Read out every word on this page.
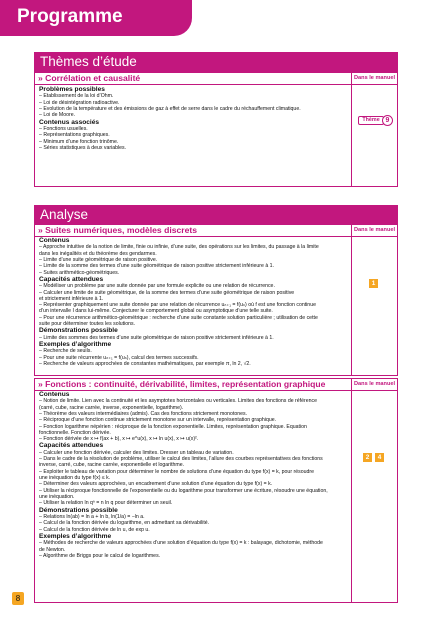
Programme
Thèmes d’étude
» Corrélation et causalité	Dans le manuel
Problèmes possibles
– Établissement de la loi d’Ohm.
– Loi de désintégration radioactive.
– Évolution de la température et des émissions de gaz à effet de serre dans le cadre du réchauffement climatique.
– Loi de Moore.
Contenus associés
– Fonctions usuelles.
– Représentations graphiques.
– Minimum d’une fonction trinôme.
– Séries statistiques à deux variables.
Thème 9
Analyse
» Suites numériques, modèles discrets	Dans le manuel
Contenus
– Approche intuitive de la notion de limite, finie ou infinie, d’une suite, des opérations sur les limites, du passage à la limite
dans les inégalités et du théorème des gendarmes.
– Limite d’une suite géométrique de raison positive.
– Limite de la somme des termes d’une suite géométrique de raison positive strictement inférieure à 1.
– Suites arithmético-géométriques.
Capacités attendues
– Modéliser un problème par une suite donnée par une formule explicite ou une relation de récurrence.
– Calculer une limite de suite géométrique, de la somme des termes d’une suite géométrique de raison positive
et strictement inférieure à 1.
– Représenter graphiquement une suite donnée par une relation de récurrence uₙ₊₁ = f(uₙ) où f est une fonction continue
d’un intervalle I dans lui-même. Conjecturer le comportement global ou asymptotique d’une telle suite.
– Pour une récurrence arithmético-géométrique : recherche d’une suite constante solution particulière ; utilisation de cette
suite pour déterminer toutes les solutions.
Démonstrations possible
– Limite des sommes des termes d’une suite géométrique de raison positive strictement inférieure à 1.
Exemples d’algorithme
– Recherche de seuils.
– Pour une suite récurrente uₙ₊₁ = f(uₙ), calcul des termes successifs.
– Recherche de valeurs approchées de constantes mathématiques, par exemple π, ln 2, √2.
1
» Fonctions : continuité, dérivabilité, limites, représentation graphique	Dans le manuel
Contenus
– Notion de limite. Lien avec la continuité et les asymptotes horizontales ou verticales. Limites des fonctions de référence
(carré, cube, racine carrée, inverse, exponentielle, logarithme).
– Théorème des valeurs intermédiaires (admis). Cas des fonctions strictement monotones.
– Réciproque d’une fonction continue strictement monotone sur un intervalle, représentation graphique.
– Fonction logarithme népérien : réciproque de la fonction exponentielle. Limites, représentation graphique. Équation
fonctionnelle. Fonction dérivée.
– Fonction dérivée de x ↦ f(ax + b), x ↦ e^u(x), x ↦ ln u(x), x ↦ u(x)².
Capacités attendues
– Calculer une fonction dérivée, calculer des limites. Dresser un tableau de variation.
– Dans le cadre de la résolution de problème, utiliser le calcul des limites, l’allure des courbes représentatives des fonctions
inverse, carré, cube, racine carrée, exponentielle et logarithme.
– Exploiter le tableau de variation pour déterminer le nombre de solutions d’une équation du type f(x) = k, pour résoudre
une inéquation du type f(x) ≤ k.
– Déterminer des valeurs approchées, un encadrement d’une solution d’une équation du type f(x) = k.
– Utiliser la réciproque fonctionnelle de l’exponentielle ou du logarithme pour transformer une écriture, résoudre une équation,
une inéquation.
– Utiliser la relation ln qⁿ = n ln q pour déterminer un seuil.
Démonstrations possible
– Relations ln(ab) = ln a + ln b, ln(1/a) = −ln a.
– Calcul de la fonction dérivée du logarithme, en admettant sa dérivabilité.
– Calcul de la fonction dérivée de ln u, de exp u.
Exemples d’algorithme
– Méthodes de recherche de valeurs approchées d’une solution d’équation du type f(x) = k : balayage, dichotomie, méthode
de Newton.
– Algorithme de Briggs pour le calcul de logarithmes.
2	4
8
